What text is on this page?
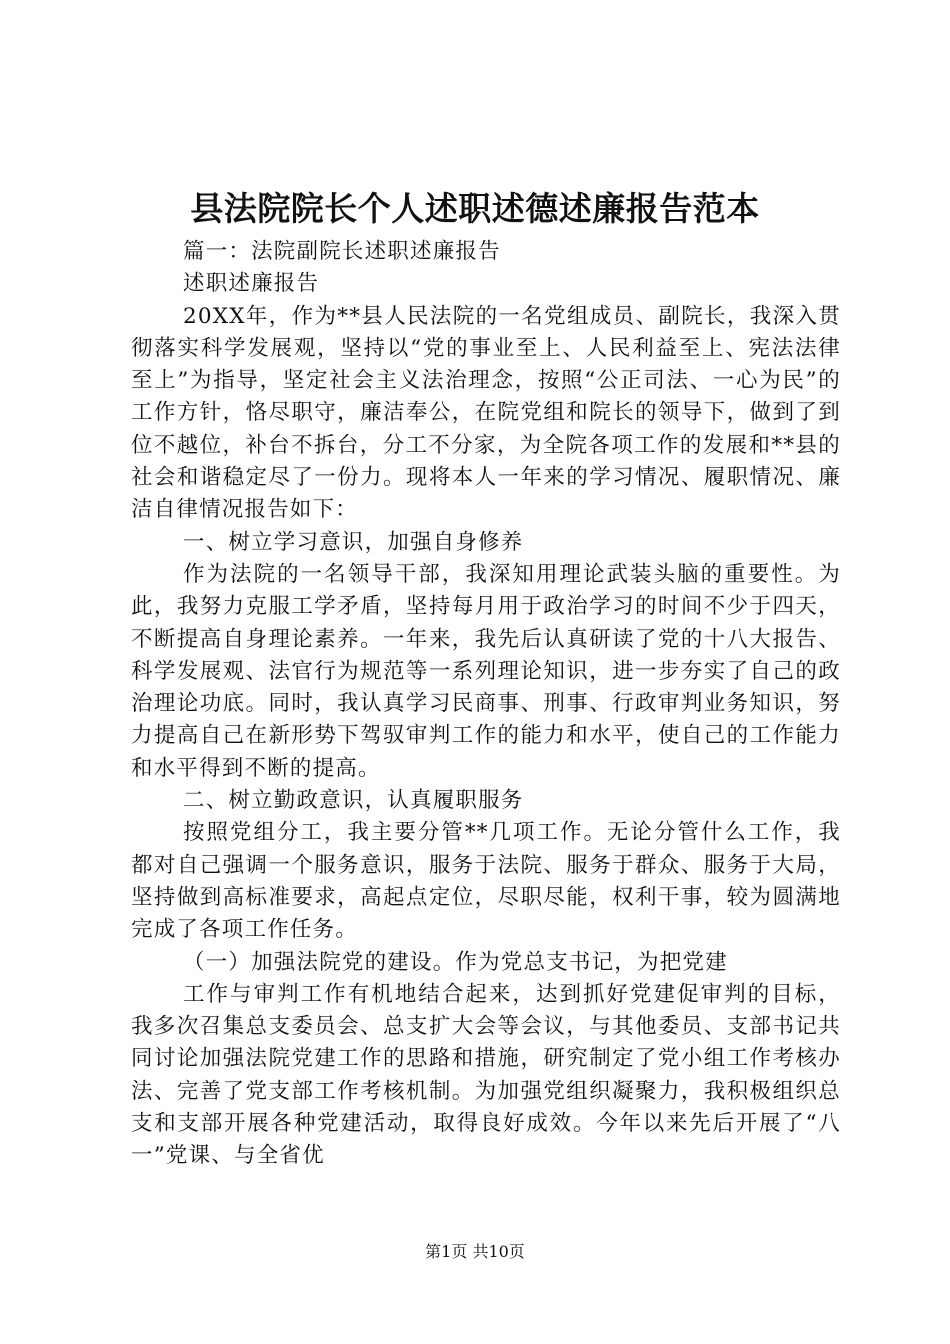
县法院院长个人述职述德述廉报告范本

篇一：法院副院长述职述廉报告

述职述廉报告

20XX年，作为**县人民法院的一名党组成员、副院长，我深入贯彻落实科学发展观，坚持以“党的事业至上、人民利益至上、宪法法律至上”为指导，坚定社会主义法治理念，按照“公正司法、一心为民”的工作方针，恪尽职守，廉洁奉公，在院党组和院长的领导下，做到了到位不越位，补台不拆台，分工不分家，为全院各项工作的发展和**县的社会和谐稳定尽了一份力。现将本人一年来的学习情况、履职情况、廉洁自律情况报告如下：

一、树立学习意识，加强自身修养

作为法院的一名领导干部，我深知用理论武装头脑的重要性。为此，我努力克服工学矛盾，坚持每月用于政治学习的时间不少于四天，不断提高自身理论素养。一年来，我先后认真研读了党的十八大报告、科学发展观、法官行为规范等一系列理论知识，进一步夯实了自己的政治理论功底。同时，我认真学习民商事、刑事、行政审判业务知识，努力提高自己在新形势下驾驭审判工作的能力和水平，使自己的工作能力和水平得到不断的提高。

二、树立勤政意识，认真履职服务

按照党组分工，我主要分管**几项工作。无论分管什么工作，我都对自己强调一个服务意识，服务于法院、服务于群众、服务于大局，坚持做到高标准要求，高起点定位，尽职尽能，权利干事，较为圆满地完成了各项工作任务。

（一）加强法院党的建设。作为党总支书记，为把党建

工作与审判工作有机地结合起来，达到抓好党建促审判的目标，我多次召集总支委员会、总支扩大会等会议，与其他委员、支部书记共同讨论加强法院党建工作的思路和措施，研究制定了党小组工作考核办法、完善了党支部工作考核机制。为加强党组织凝聚力，我积极组织总支和支部开展各种党建活动，取得良好成效。今年以来先后开展了“八一”党课、与全省优

第1页 共10页
